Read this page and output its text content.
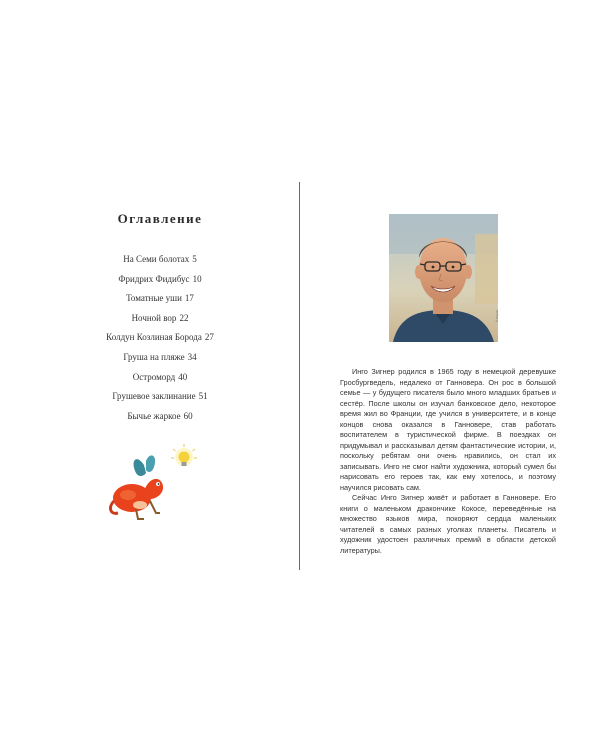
Оглавление
На Семи болотах 5
Фридрих Фидибус 10
Томатные уши 17
Ночной вор 22
Колдун Козлиная Борода 27
Груша на пляже 34
Остроморд 40
Грушевое заклинание 51
Бычье жаркое 60
© Kayser

Инго Зигнер родился в 1965 году в немецкой деревушке Гросбургведель, недалеко от Ганновера. Он рос в большой семье — у будущего писателя было много младших братьев и сестёр. После школы он изучал банковское дело, некоторое время жил во Франции, где учился в университете, и в конце концов снова оказался в Ганновере, став работать воспитателем в туристической фирме. В поездках он придумывал и рассказывал детям фантастические истории, и, поскольку ребятам они очень нравились, он стал их записывать. Инго не смог найти художника, который сумел бы нарисовать его героев так, как ему хотелось, и поэтому научился рисовать сам.

Сейчас Инго Зигнер живёт и работает в Ганновере. Его книги о маленьком дракончике Кокосе, переведённые на множество языков мира, покоряют сердца маленьких читателей в самых разных уголках планеты. Писатель и художник удостоен различных премий в области детской литературы.
